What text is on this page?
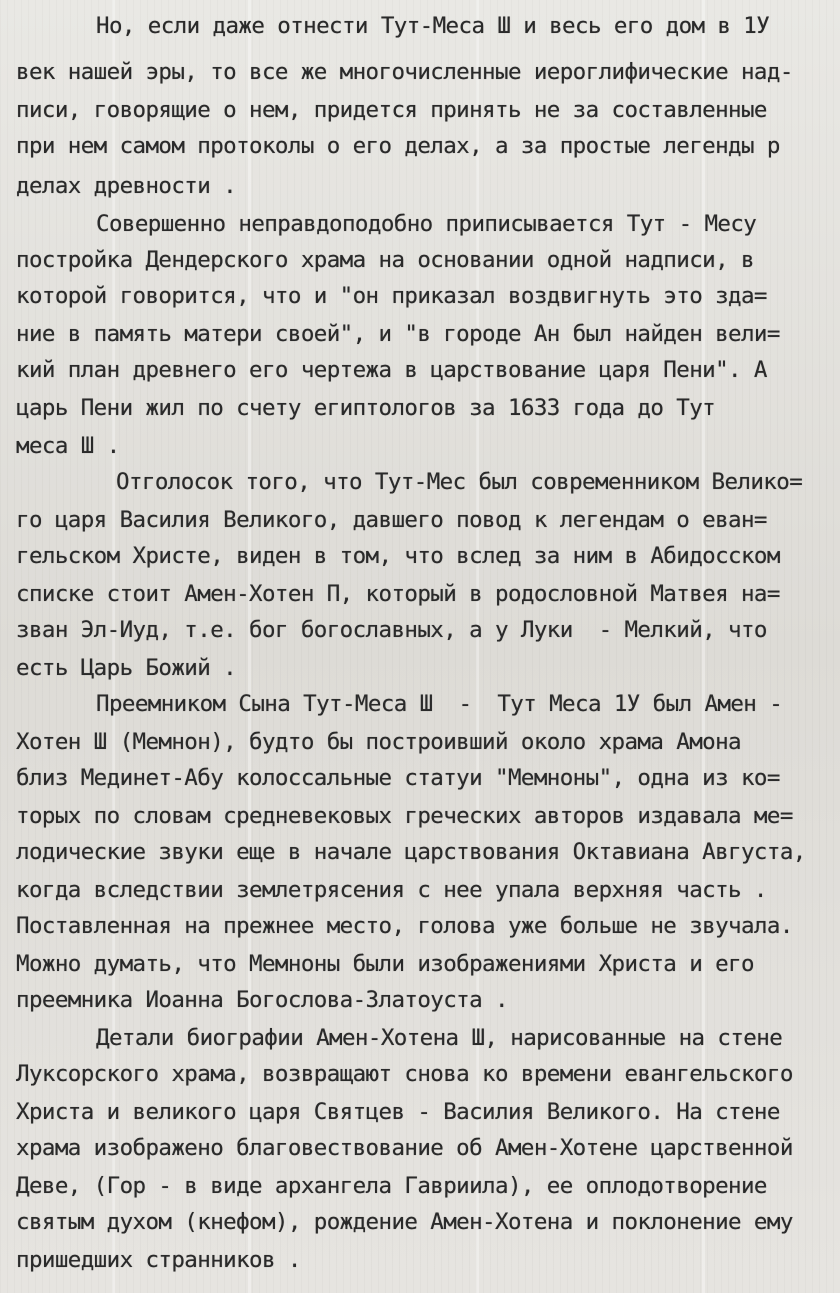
Но, если даже отнести Тут-Меса Ш и весь его дом в 1У
век нашей эры, то все же многочисленные иероглифические над-
писи, говорящие о нем, придется принять не за составленные
при нем самом протоколы о его делах, а за простые легенды р
делах древности .
Совершенно неправдоподобно приписывается Тут - Месу
постройка Дендерского храма на основании одной надписи, в
которой говорится, что и "он приказал воздвигнуть это зда=
ние в память матери своей", и "в городе Ан был найден вели=
кий план древнего его чертежа в царствование царя Пени". А
царь Пени жил по счету египтологов за 1633 года до Тут
меса Ш .
Отголосок того, что Тут-Мес был современником Велико=
го царя Василия Великого, давшего повод к легендам о еван=
гельском Христе, виден в том, что вслед за ним в Абидосском
списке стоит Амен-Хотен П, который в родословной Матвея на=
зван Эл-Иуд, т.е. бог богославных, а у Луки  - Мелкий, что
есть Царь Божий .
Преемником Сына Тут-Меса Ш  -  Тут Меса 1У был Амен -
Хотен Ш (Мемнон), будто бы построивший около храма Амона
близ Мединет-Абу колоссальные статуи "Мемноны", одна из ко=
торых по словам средневековых греческих авторов издавала ме=
лодические звуки еще в начале царствования Октавиана Августа,
когда вследствии землетрясения с нее упала верхняя часть .
Поставленная на прежнее место, голова уже больше не звучала.
Можно думать, что Мемноны были изображениями Христа и его
преемника Иоанна Богослова-Златоуста .
Детали биографии Амен-Хотена Ш, нарисованные на стене
Луксорского храма, возвращают снова ко времени евангельского
Христа и великого царя Святцев - Василия Великого. На стене
храма изображено благовествование об Амен-Хотене царственной
Деве, (Гор - в виде архангела Гавриила), ее оплодотворение
святым духом (кнефом), рождение Амен-Хотена и поклонение ему
пришедших странников .
